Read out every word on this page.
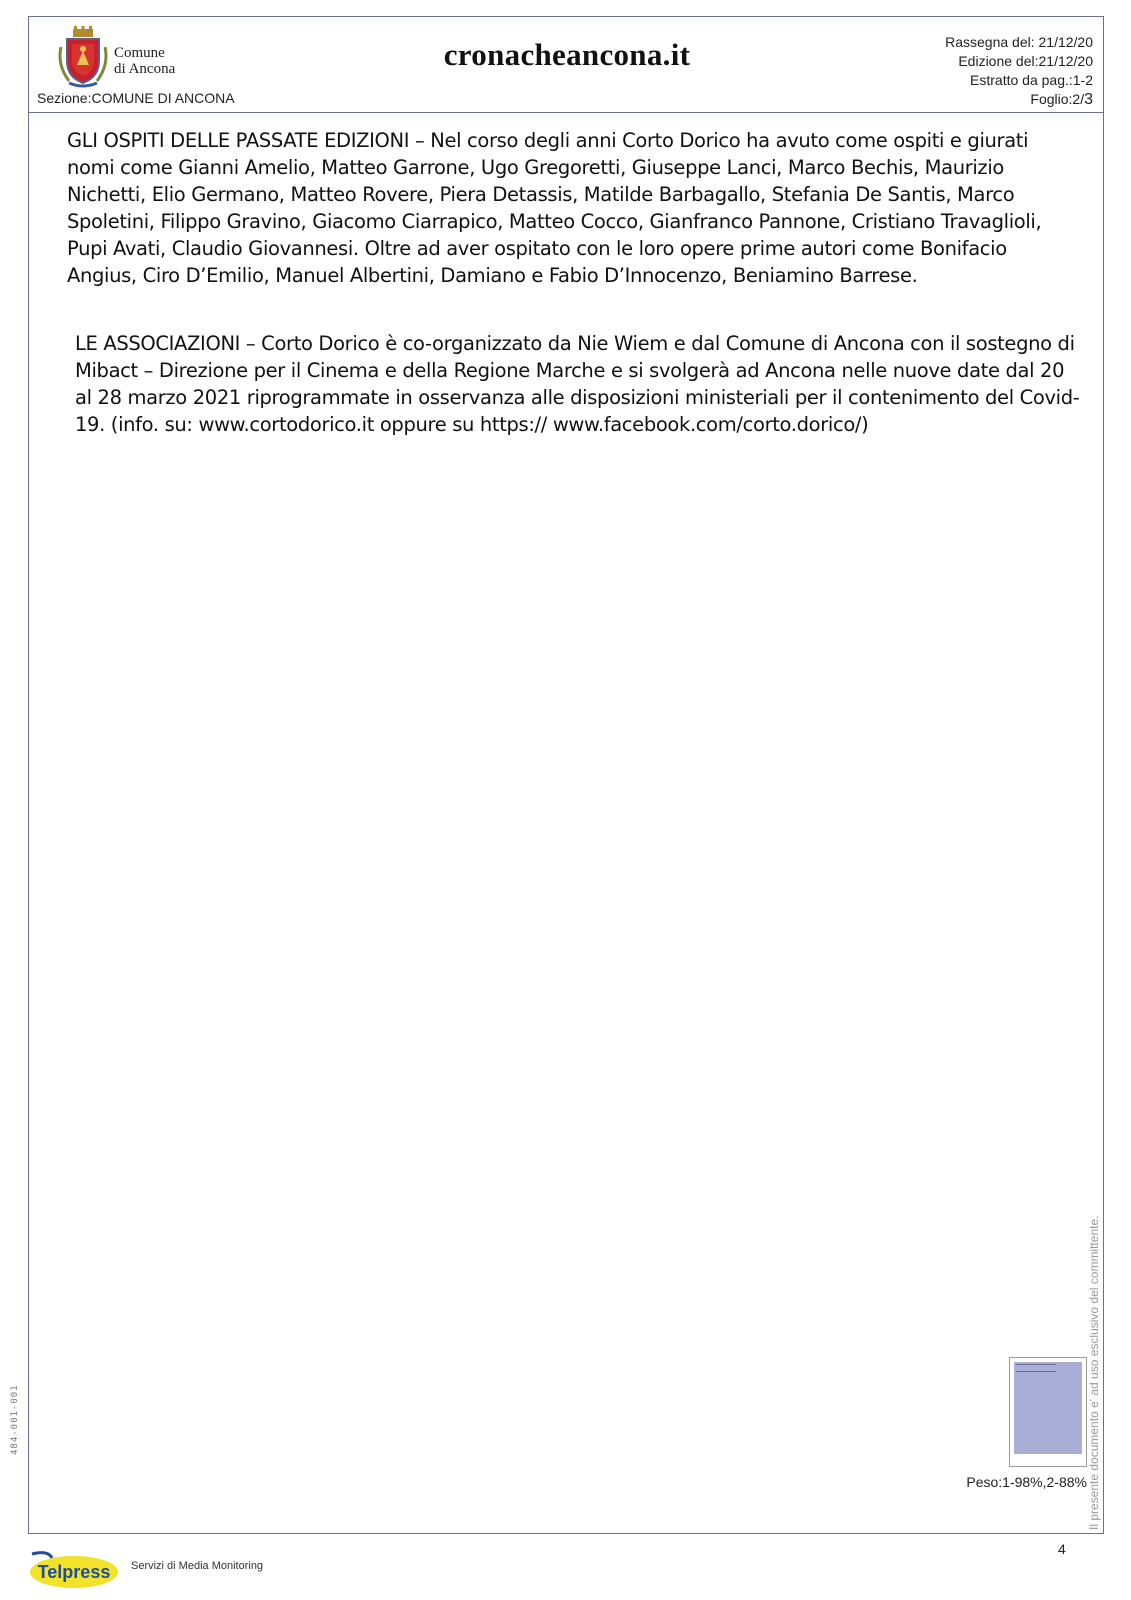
484-001-001	Il presente documento e' ad uso esclusivo del committente.
Comune
di Ancona
Sezione:COMUNE DI ANCONA
cronacheancona.it	Rassegna del: 21/12/20
Edizione del:21/12/20
Estratto da pag.:1-2
Foglio:2/3
GLI OSPITI DELLE PASSATE EDIZIONI – Nel corso degli anni Corto Dorico ha avuto come ospiti e giurati nomi come Gianni Amelio, Matteo Garrone, Ugo Gregoretti, Giuseppe Lanci, Marco Bechis, Maurizio Nichetti, Elio Germano, Matteo Rovere, Piera Detassis, Matilde Barbagallo, Stefania De Santis, Marco Spoletini, Filippo Gravino, Giacomo Ciarrapico, Matteo Cocco, Gianfranco Pannone, Cristiano Travaglioli, Pupi Avati, Claudio Giovannesi. Oltre ad aver ospitato con le loro opere prime autori come Bonifacio Angius, Ciro D’Emilio, Manuel Albertini, Damiano e Fabio D’Innocenzo, Beniamino Barrese.
LE ASSOCIAZIONI – Corto Dorico è co-organizzato da Nie Wiem e dal Comune di Ancona con il sostegno di Mibact – Direzione per il Cinema e della Regione Marche e si svolgerà ad Ancona nelle nuove date dal 20 al 28 marzo 2021 riprogrammate in osservanza alle disposizioni ministeriali per il contenimento del Covid-19. (info. su: www.cortodorico.it oppure su https:// www.facebook.com/corto.dorico/)
Peso:1-98%,2-88%
4
Telpress Servizi di Media Monitoring
